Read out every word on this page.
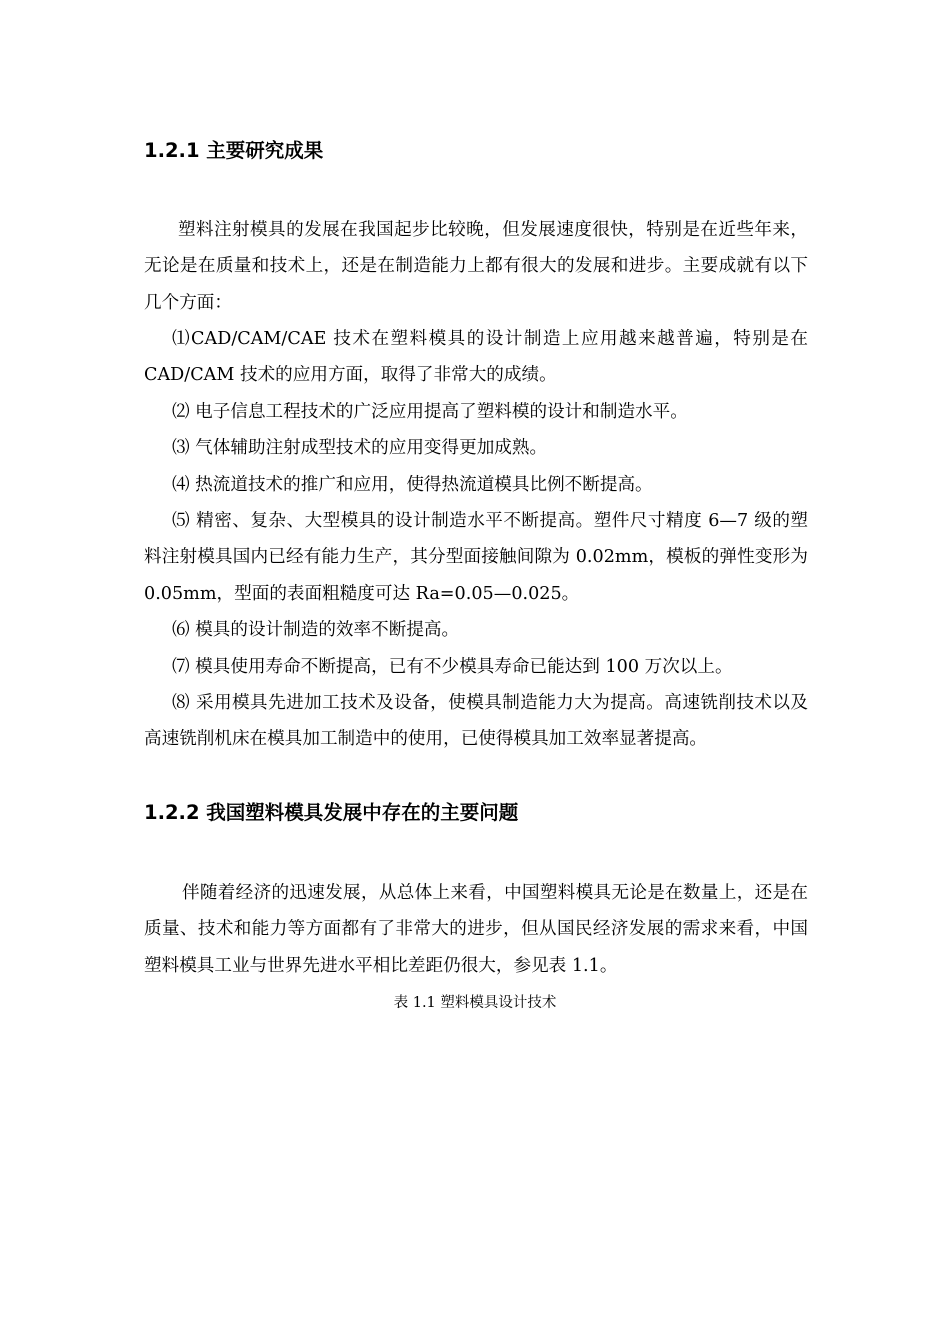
1.2.1 主要研究成果

塑料注射模具的发展在我国起步比较晚，但发展速度很快，特别是在近些年来，无论是在质量和技术上，还是在制造能力上都有很大的发展和进步。主要成就有以下几个方面：

⑴CAD/CAM/CAE 技术在塑料模具的设计制造上应用越来越普遍，特别是在 CAD/CAM 技术的应用方面，取得了非常大的成绩。
⑵ 电子信息工程技术的广泛应用提高了塑料模的设计和制造水平。
⑶ 气体辅助注射成型技术的应用变得更加成熟。
⑷ 热流道技术的推广和应用，使得热流道模具比例不断提高。
⑸ 精密、复杂、大型模具的设计制造水平不断提高。塑件尺寸精度 6—7 级的塑料注射模具国内已经有能力生产，其分型面接触间隙为 0.02mm，模板的弹性变形为 0.05mm，型面的表面粗糙度可达 Ra=0.05—0.025。
⑹ 模具的设计制造的效率不断提高。
⑺ 模具使用寿命不断提高，已有不少模具寿命已能达到 100 万次以上。
⑻ 采用模具先进加工技术及设备，使模具制造能力大为提高。高速铣削技术以及高速铣削机床在模具加工制造中的使用，已使得模具加工效率显著提高。
1.2.2 我国塑料模具发展中存在的主要问题

伴随着经济的迅速发展，从总体上来看，中国塑料模具无论是在数量上，还是在质量、技术和能力等方面都有了非常大的进步，但从国民经济发展的需求来看，中国塑料模具工业与世界先进水平相比差距仍很大，参见表 1.1。

表 1.1 塑料模具设计技术
